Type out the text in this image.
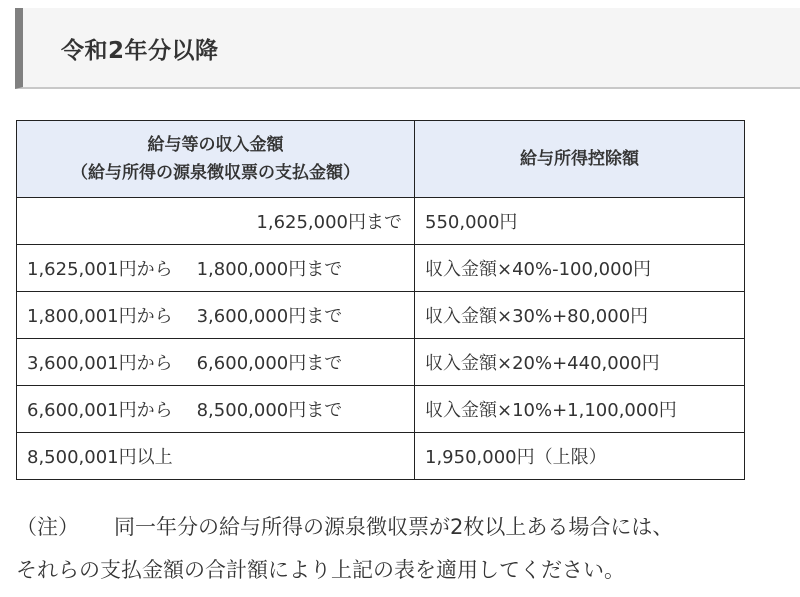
令和2年分以降
給与等の収入金額
（給与所得の源泉徴収票の支払金額）	給与所得控除額
1,625,000円まで	550,000円
1,625,001円から 1,800,000円まで	収入金額×40%-100,000円
1,800,001円から 3,600,000円まで	収入金額×30%+80,000円
3,600,001円から 6,600,000円まで	収入金額×20%+440,000円
6,600,001円から 8,500,000円まで	収入金額×10%+1,100,000円
8,500,001円以上	1,950,000円（上限）
（注） 同一年分の給与所得の源泉徴収票が2枚以上ある場合には、
それらの支払金額の合計額により上記の表を適用してください。
